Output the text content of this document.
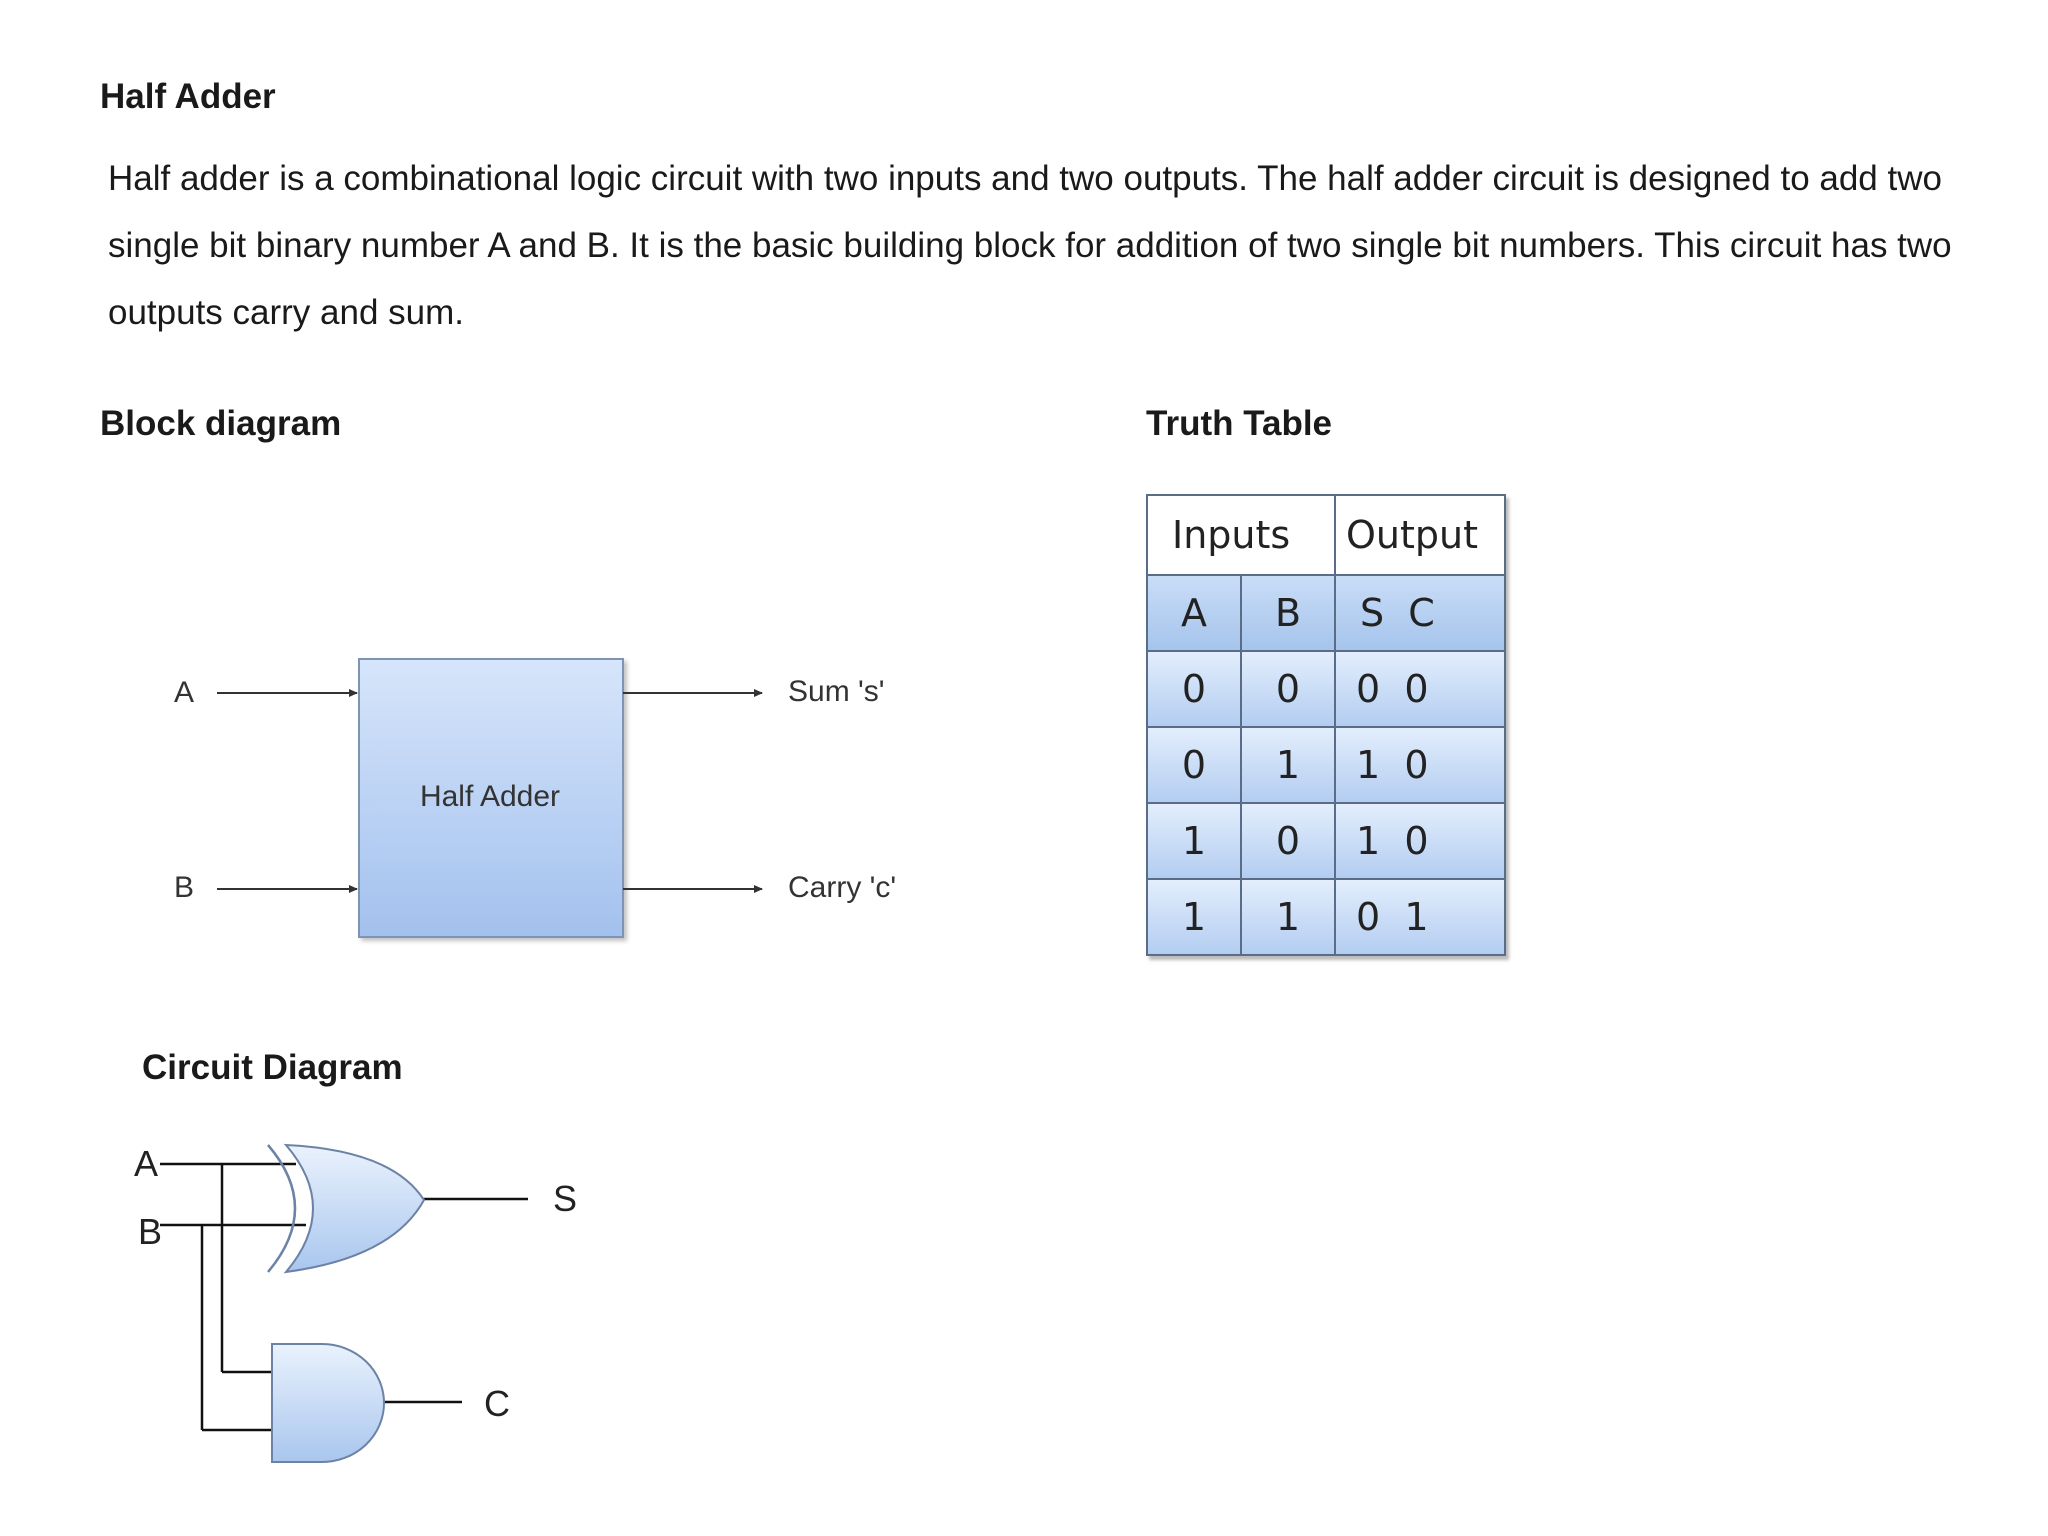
Half Adder
Half adder is a combinational logic circuit with two inputs and two outputs. The half adder circuit is designed to add two
single bit binary number A and B. It is the basic building block for addition of two single bit numbers. This circuit has two
outputs carry and sum.
Block diagram	Truth Table
Circuit Diagram
A
B
Half Adder
Sum 's'
Carry 'c'
A
B
S
C
Inputs		Output
A	B	S  C
0	0	0  0
0	1	1  0
1	0	1  0
1	1	0  1
